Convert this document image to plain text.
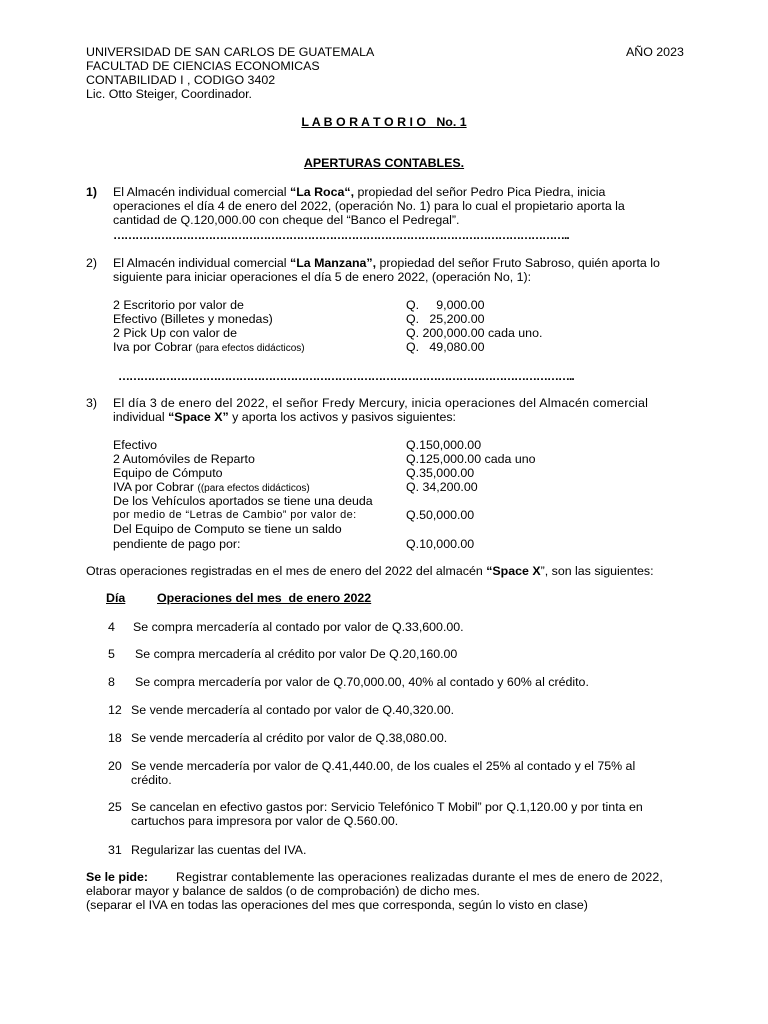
UNIVERSIDAD DE SAN CARLOS DE GUATEMALA	AÑO 2023
FACULTAD DE CIENCIAS ECONOMICAS
CONTABILIDAD I , CODIGO 3402
Lic. Otto Steiger, Coordinador.
L A B O R A T O R I O   No. 1
APERTURAS CONTABLES.
1) El Almacén individual comercial “La Roca“, propiedad del señor Pedro Pica Piedra, inicia
operaciones el día 4 de enero del 2022, (operación No. 1) para lo cual el propietario aporta la
cantidad de Q.120,000.00 con cheque del “Banco el Pedregal”.
……………………………………………………………………………………………………………..
2) El Almacén individual comercial “La Manzana”, propiedad del señor Fruto Sabroso, quién aporta lo
siguiente para iniciar operaciones el día 5 de enero 2022, (operación No, 1):
2 Escritorio por valor de	Q.     9,000.00
Efectivo (Billetes y monedas)	Q.   25,200.00
2 Pick Up con valor de	Q. 200,000.00 cada uno.
Iva por Cobrar (para efectos didácticos)	Q.   49,080.00
……………………………………………………………………………………………………………..
3) El día 3 de enero del 2022, el señor Fredy Mercury, inicia operaciones del Almacén comercial
individual “Space X” y aporta los activos y pasivos siguientes:
Efectivo	Q.150,000.00
2 Automóviles de Reparto	Q.125,000.00 cada uno
Equipo de Cómputo	Q.35,000.00
IVA por Cobrar ((para efectos didácticos)	Q. 34,200.00
De los Vehículos aportados se tiene una deuda
por medio de “Letras de Cambio” por valor de:	Q.50,000.00
Del Equipo de Computo se tiene un saldo
pendiente de pago por:	Q.10,000.00
Otras operaciones registradas en el mes de enero del 2022 del almacén “Space X”, son las siguientes:
Día	Operaciones del mes  de enero 2022
4 Se compra mercadería al contado por valor de Q.33,600.00.
5 Se compra mercadería al crédito por valor De Q.20,160.00
8 Se compra mercadería por valor de Q.70,000.00, 40% al contado y 60% al crédito.
12 Se vende mercadería al contado por valor de Q.40,320.00.
18 Se vende mercadería al crédito por valor de Q.38,080.00.
20 Se vende mercadería por valor de Q.41,440.00, de los cuales el 25% al contado y el 75% al
crédito.
25 Se cancelan en efectivo gastos por: Servicio Telefónico T Mobil” por Q.1,120.00 y por tinta en
cartuchos para impresora por valor de Q.560.00.
31 Regularizar las cuentas del IVA.
Se le pide: Registrar contablemente las operaciones realizadas durante el mes de enero de 2022,
elaborar mayor y balance de saldos (o de comprobación) de dicho mes.
(separar el IVA en todas las operaciones del mes que corresponda, según lo visto en clase)
